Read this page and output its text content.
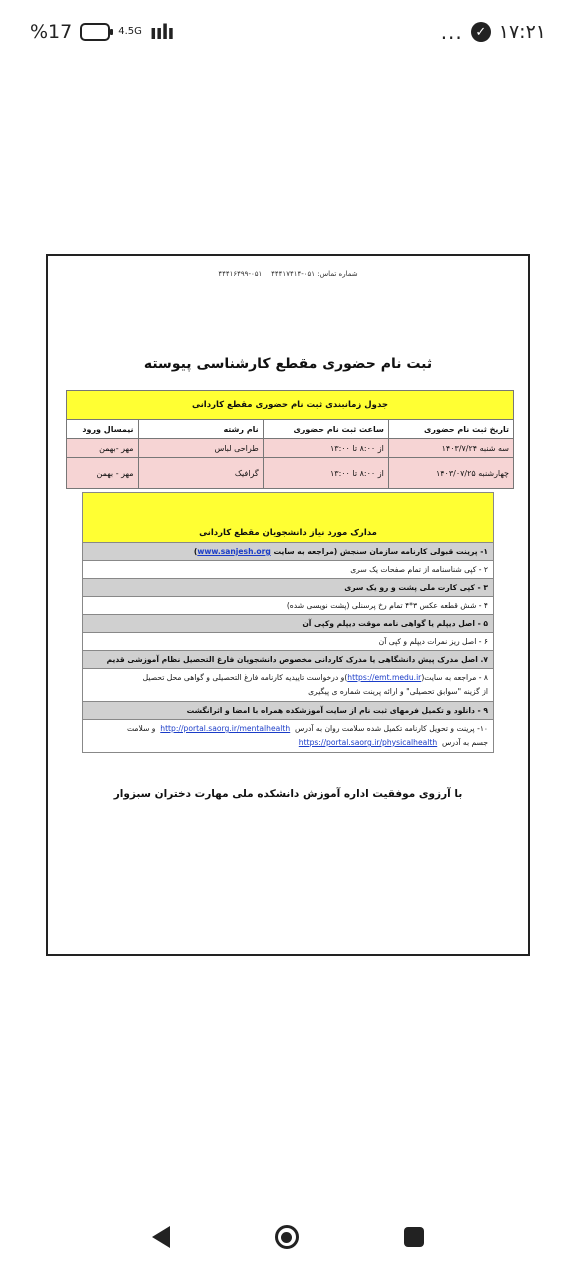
%17	4.5G ıılı	... ✓ ۱۷:۲۱
شماره تماس: ۰۵۱-۴۴۴۱۷۴۱۴    ۰۵۱-۴۴۴۱۶۴۹۹
ثبت نام حضوری مقطع کارشناسی پیوسته
جدول زمانبندی ثبت نام حضوری مقطع کاردانی			
تاریخ ثبت نام حضوری	ساعت ثبت نام حضوری	نام رشته	نیمسال ورود
سه شنبه ۱۴۰۳/۷/۲۴	از ۸:۰۰ تا ۱۳:۰۰	طراحی لباس	مهر -بهمن
چهارشنبه ۱۴۰۳/۰۷/۲۵	از ۸:۰۰ تا ۱۳:۰۰	گرافیک	مهر - بهمن
مدارک مورد نیاز دانشجویان مقطع کاردانی
۱- پرینت قبولی کارنامه سازمان سنجش (مراجعه به سایت www.sanjesh.org)
۲ - کپی شناسنامه از تمام صفحات یک سری
۳ - کپی کارت ملی پشت و رو یک سری
۴ - شش قطعه عکس ۳*۴ تمام رخ پرسنلی (پشت نویسی شده)
۵ - اصل دیپلم یا گواهی نامه موقت دیپلم وکپی آن
۶ - اصل ریز نمرات دیپلم و کپی آن
۷. اصل مدرک پیش دانشگاهی یا مدرک کاردانی مخصوص دانشجویان فارغ التحصیل نظام آموزشی قدیم
۸ - مراجعه به سایت(https://emt.medu.ir)و درخواست تاییدیه کارنامه فارغ التحصیلی و گواهی محل تحصیل
از گزینه "سوابق تحصیلی" و ارائه پرینت شماره ی پیگیری
۹ - دانلود و تکمیل فرمهای ثبت نام از سایت آموزشکده همراه با امضا و اثرانگشت
۱۰- پرینت و تحویل کارنامه تکمیل شده سلامت روان به آدرس  http://portal.saorg.ir/mentalhealth  و سلامت
جسم به آدرس  https://portal.saorg.ir/physicalhealth
با آرزوی موفقیت اداره آموزش دانشکده ملی مهارت دختران سبزوار
